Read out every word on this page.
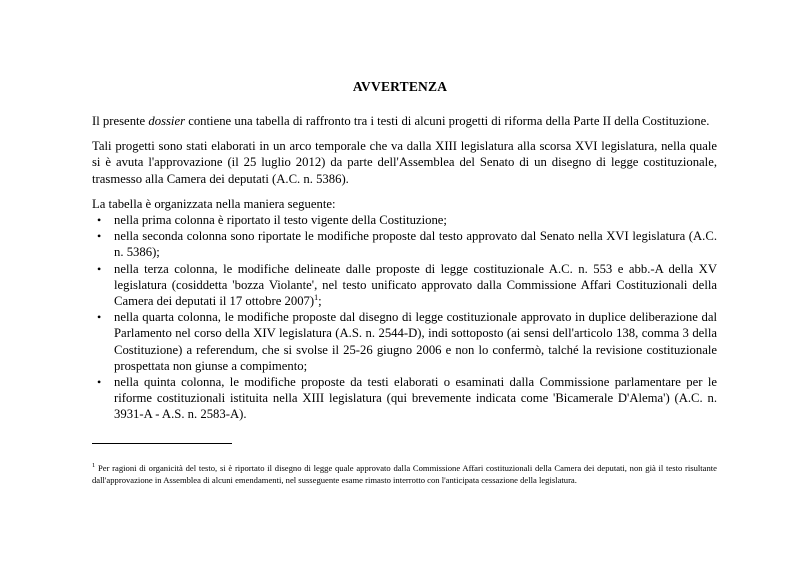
AVVERTENZA

Il presente dossier contiene una tabella di raffronto tra i testi di alcuni progetti di riforma della Parte II della Costituzione.

Tali progetti sono stati elaborati in un arco temporale che va dalla XIII legislatura alla scorsa XVI legislatura, nella quale si è avuta l'approvazione (il 25 luglio 2012) da parte dell'Assemblea del Senato di un disegno di legge costituzionale, trasmesso alla Camera dei deputati (A.C. n. 5386).

La tabella è organizzata nella maniera seguente:

• nella prima colonna è riportato il testo vigente della Costituzione;
• nella seconda colonna sono riportate le modifiche proposte dal testo approvato dal Senato nella XVI legislatura (A.C. n. 5386);
• nella terza colonna, le modifiche delineate dalle proposte di legge costituzionale A.C. n. 553 e abb.-A della XV legislatura (cosiddetta 'bozza Violante', nel testo unificato approvato dalla Commissione Affari Costituzionali della Camera dei deputati il 17 ottobre 2007)$^1$;
• nella quarta colonna, le modifiche proposte dal disegno di legge costituzionale approvato in duplice deliberazione dal Parlamento nel corso della XIV legislatura (A.S. n. 2544-D), indi sottoposto (ai sensi dell'articolo 138, comma 3 della Costituzione) a referendum, che si svolse il 25-26 giugno 2006 e non lo confermò, talché la revisione costituzionale prospettata non giunse a compimento;
• nella quinta colonna, le modifiche proposte da testi elaborati o esaminati dalla Commissione parlamentare per le riforme costituzionali istituita nella XIII legislatura (qui brevemente indicata come 'Bicamerale D'Alema') (A.C. n. 3931-A - A.S. n. 2583-A).
$^1$ Per ragioni di organicità del testo, si è riportato il disegno di legge quale approvato dalla Commissione Affari costituzionali della Camera dei deputati, non già il testo risultante dall'approvazione in Assemblea di alcuni emendamenti, nel susseguente esame rimasto interrotto con l'anticipata cessazione della legislatura.
